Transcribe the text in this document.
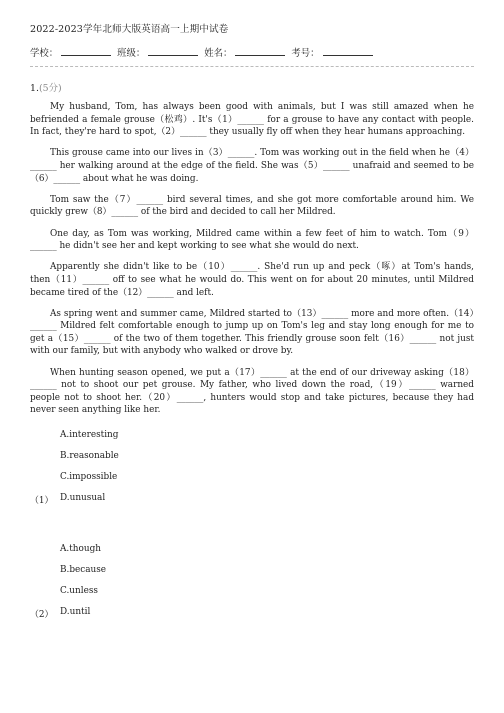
2022-2023学年北师大版英语高一上期中试卷
学校：	班级：	姓名：	考号：
1.(5分)

My husband, Tom, has always been good with animals, but I was still amazed when he befriended a female grouse（松鸡）. It's（1）______ for a grouse to have any contact with people. In fact, they're hard to spot,（2）______ they usually fly off when they hear humans approaching.

This grouse came into our lives in（3）______. Tom was working out in the field when he（4）______ her walking around at the edge of the field. She was（5）______ unafraid and seemed to be（6）______ about what he was doing.

Tom saw the（7）______ bird several times, and she got more comfortable around him. We quickly grew（8）______ of the bird and decided to call her Mildred.

One day, as Tom was working, Mildred came within a few feet of him to watch. Tom（9）______ he didn't see her and kept working to see what she would do next.

Apparently she didn't like to be（10）______. She'd run up and peck（啄）at Tom's hands, then（11）______ off to see what he would do. This went on for about 20 minutes, until Mildred became tired of the（12）______ and left.

As spring went and summer came, Mildred started to（13）______ more and more often.（14）______ Mildred felt comfortable enough to jump up on Tom's leg and stay long enough for me to get a（15）______ of the two of them together. This friendly grouse soon felt（16）______ not just with our family, but with anybody who walked or drove by.

When hunting season opened, we put a（17）______ at the end of our driveway asking（18）______ not to shoot our pet grouse. My father, who lived down the road,（19）______ warned people not to shoot her.（20）______, hunters would stop and take pictures, because they had never seen anything like her.

A.interesting
B.reasonable
C.impossible
（1） D.unusual
A.though
B.because
C.unless
（2） D.until
